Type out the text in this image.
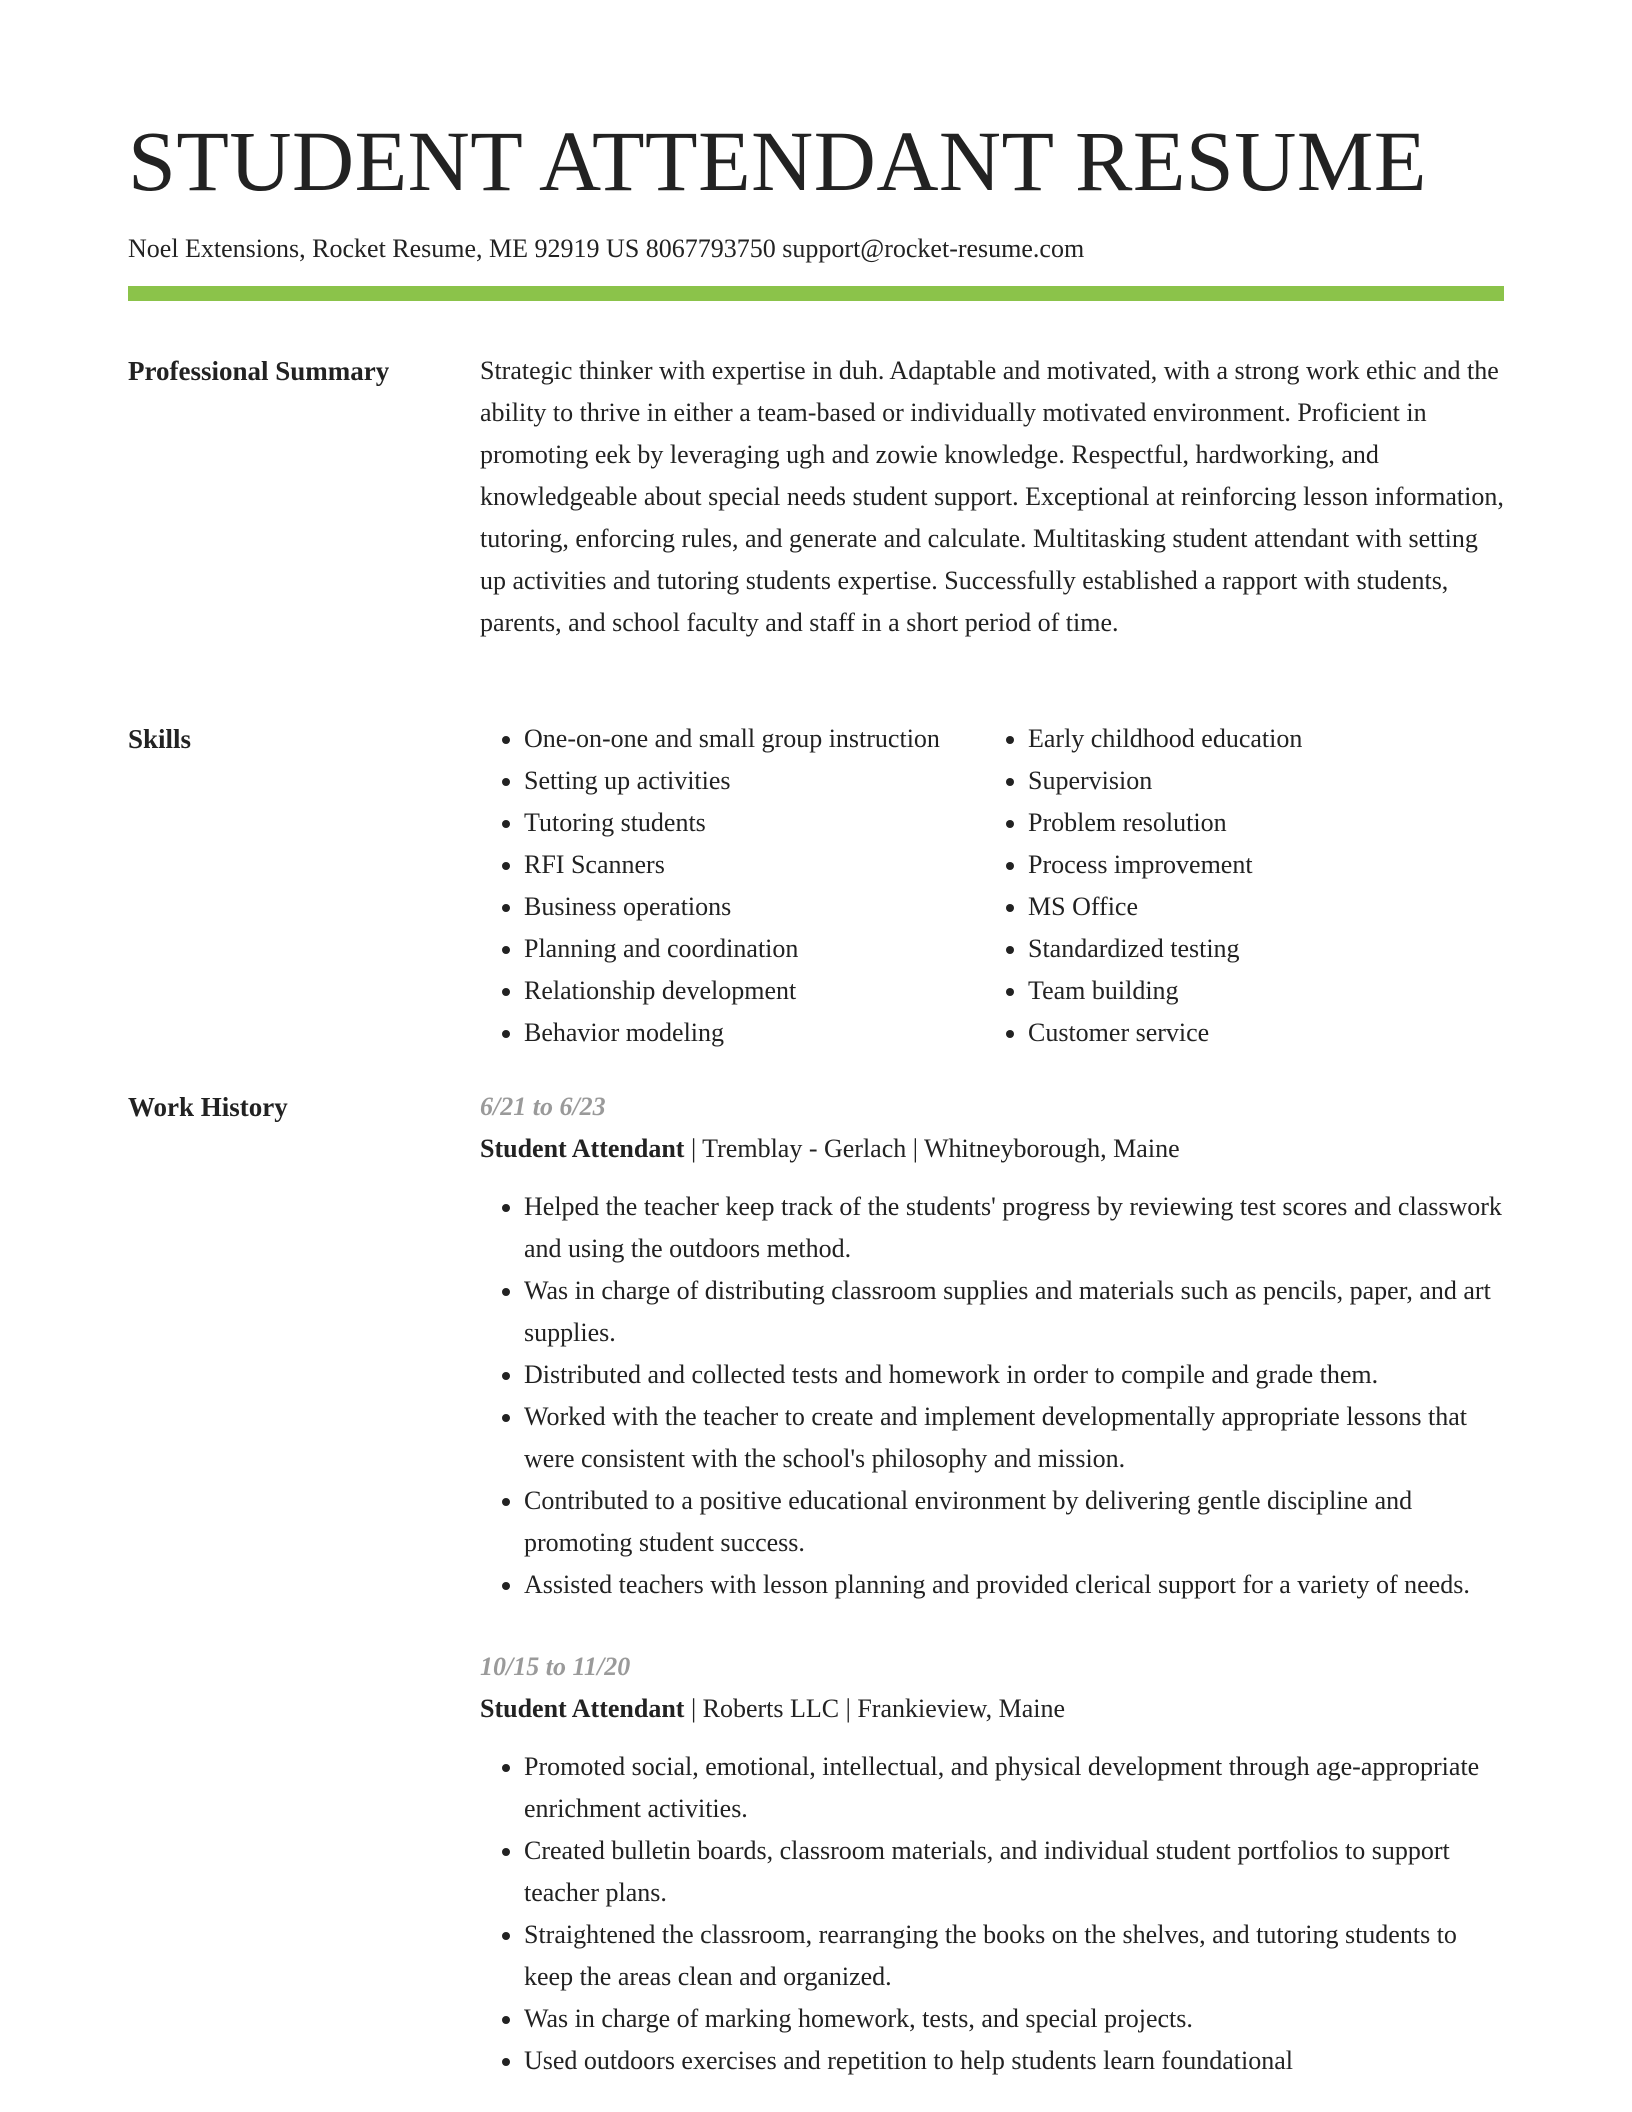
STUDENT ATTENDANT RESUME
Noel Extensions, Rocket Resume, ME 92919 US 8067793750 support@rocket-resume.com
Professional Summary	Strategic thinker with expertise in duh. Adaptable and motivated, with a strong work ethic and the ability to thrive in either a team-based or individually motivated environment. Proficient in promoting eek by leveraging ugh and zowie knowledge. Respectful, hardworking, and knowledgeable about special needs student support. Exceptional at reinforcing lesson information, tutoring, enforcing rules, and generate and calculate. Multitasking student attendant with setting up activities and tutoring students expertise. Successfully established a rapport with students, parents, and school faculty and staff in a short period of time.

Skills
•	One-on-one and small group instruction
• Setting up activities
• Tutoring students
• RFI Scanners
• Business operations
• Planning and coordination
• Relationship development
• Behavior modeling
• Early childhood education
• Supervision
• Problem resolution
• Process improvement
• MS Office
• Standardized testing
• Team building
• Customer service
Work History	6/21 to 6/23
Student Attendant | Tremblay - Gerlach | Whitneyborough, Maine
• Helped the teacher keep track of the students' progress by reviewing test scores and classwork and using the outdoors method.
• Was in charge of distributing classroom supplies and materials such as pencils, paper, and art supplies.
• Distributed and collected tests and homework in order to compile and grade them.
• Worked with the teacher to create and implement developmentally appropriate lessons that were consistent with the school's philosophy and mission.
• Contributed to a positive educational environment by delivering gentle discipline and promoting student success.
• Assisted teachers with lesson planning and provided clerical support for a variety of needs.
10/15 to 11/20
Student Attendant | Roberts LLC | Frankieview, Maine
• Promoted social, emotional, intellectual, and physical development through age-appropriate enrichment activities.
• Created bulletin boards, classroom materials, and individual student portfolios to support teacher plans.
• Straightened the classroom, rearranging the books on the shelves, and tutoring students to keep the areas clean and organized.
• Was in charge of marking homework, tests, and special projects.
• Used outdoors exercises and repetition to help students learn foundational
